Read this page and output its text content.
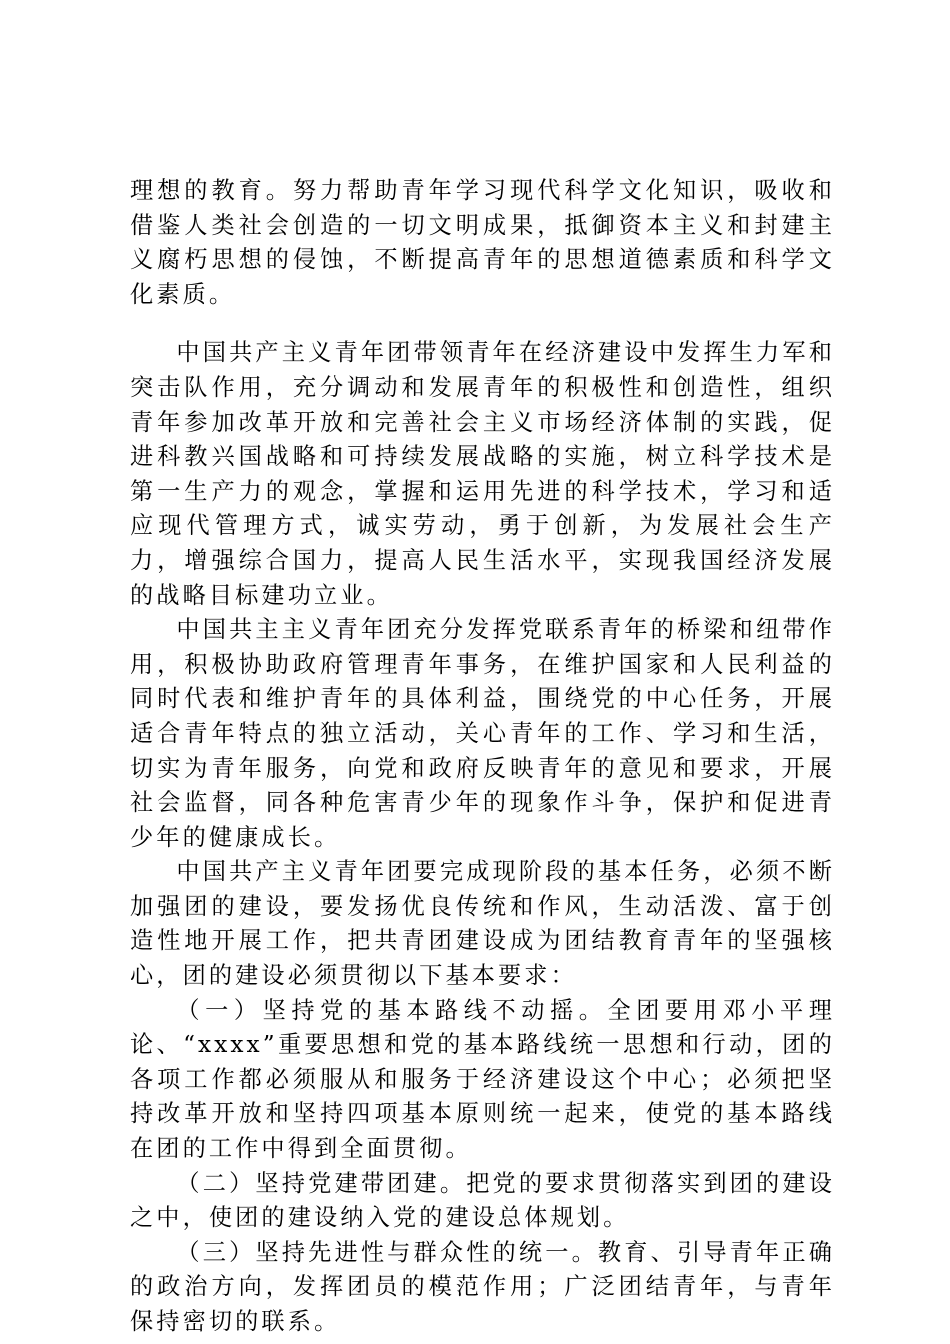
理想的教育。努力帮助青年学习现代科学文化知识，吸收和借鉴人类社会创造的一切文明成果，抵御资本主义和封建主义腐朽思想的侵蚀，不断提高青年的思想道德素质和科学文化素质。

中国共产主义青年团带领青年在经济建设中发挥生力军和突击队作用，充分调动和发展青年的积极性和创造性，组织青年参加改革开放和完善社会主义市场经济体制的实践，促进科教兴国战略和可持续发展战略的实施，树立科学技术是第一生产力的观念，掌握和运用先进的科学技术，学习和适应现代管理方式，诚实劳动，勇于创新，为发展社会生产力，增强综合国力，提高人民生活水平，实现我国经济发展的战略目标建功立业。

中国共主主义青年团充分发挥党联系青年的桥梁和纽带作用，积极协助政府管理青年事务，在维护国家和人民利益的同时代表和维护青年的具体利益，围绕党的中心任务，开展适合青年特点的独立活动，关心青年的工作、学习和生活，切实为青年服务，向党和政府反映青年的意见和要求，开展社会监督，同各种危害青少年的现象作斗争，保护和促进青少年的健康成长。

中国共产主义青年团要完成现阶段的基本任务，必须不断加强团的建设，要发扬优良传统和作风，生动活泼、富于创造性地开展工作，把共青团建设成为团结教育青年的坚强核心，团的建设必须贯彻以下基本要求：

（一）坚持党的基本路线不动摇。全团要用邓小平理论、“xxxx”重要思想和党的基本路线统一思想和行动，团的各项工作都必须服从和服务于经济建设这个中心；必须把坚持改革开放和坚持四项基本原则统一起来，使党的基本路线在团的工作中得到全面贯彻。

（二）坚持党建带团建。把党的要求贯彻落实到团的建设之中，使团的建设纳入党的建设总体规划。

（三）坚持先进性与群众性的统一。教育、引导青年正确的政治方向，发挥团员的模范作用；广泛团结青年，与青年保持密切的联系。
